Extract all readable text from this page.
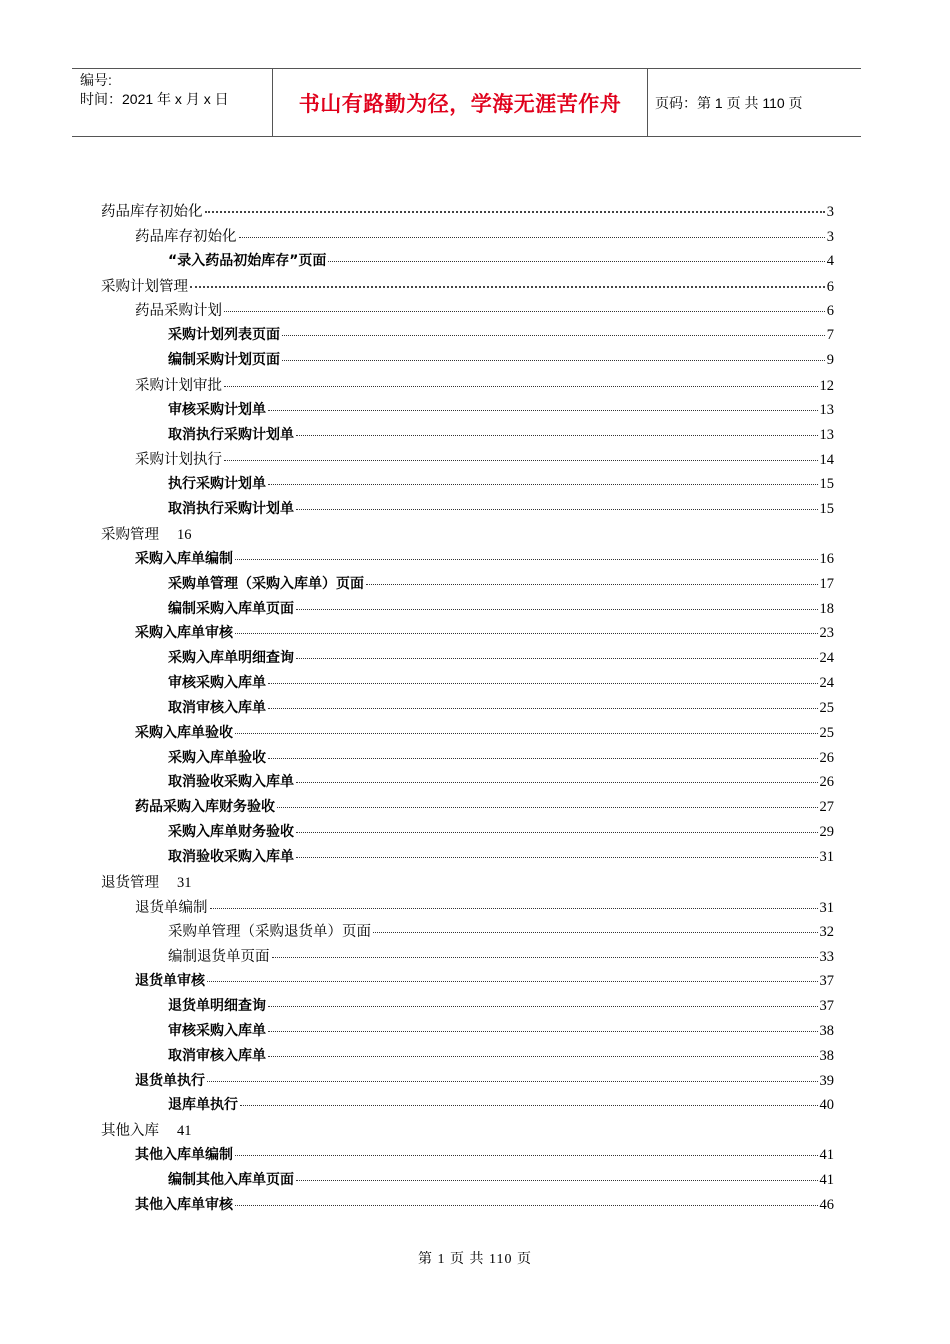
编号:
时间：2021 年 x 月 x 日	书山有路勤为径，学海无涯苦作舟	页码：第 1 页 共 110 页
药品库存初始化	3
药品库存初始化	3
“录入药品初始库存”页面	4
采购计划管理	6
药品采购计划	6
采购计划列表页面	7
编制采购计划页面	9
采购计划审批	12
审核采购计划单	13
取消执行采购计划单	13
采购计划执行	14
执行采购计划单	15
取消执行采购计划单	15
采购管理 16
采购入库单编制	16
采购单管理（采购入库单）页面	17
编制采购入库单页面	18
采购入库单审核	23
采购入库单明细查询	24
审核采购入库单	24
取消审核入库单	25
采购入库单验收	25
采购入库单验收	26
取消验收采购入库单	26
药品采购入库财务验收	27
采购入库单财务验收	29
取消验收采购入库单	31
退货管理 31
退货单编制	31
采购单管理（采购退货单）页面	32
编制退货单页面	33
退货单审核	37
退货单明细查询	37
审核采购入库单	38
取消审核入库单	38
退货单执行	39
退库单执行	40
其他入库 41
其他入库单编制	41
编制其他入库单页面	41
其他入库单审核	46
第 1 页 共 110 页
